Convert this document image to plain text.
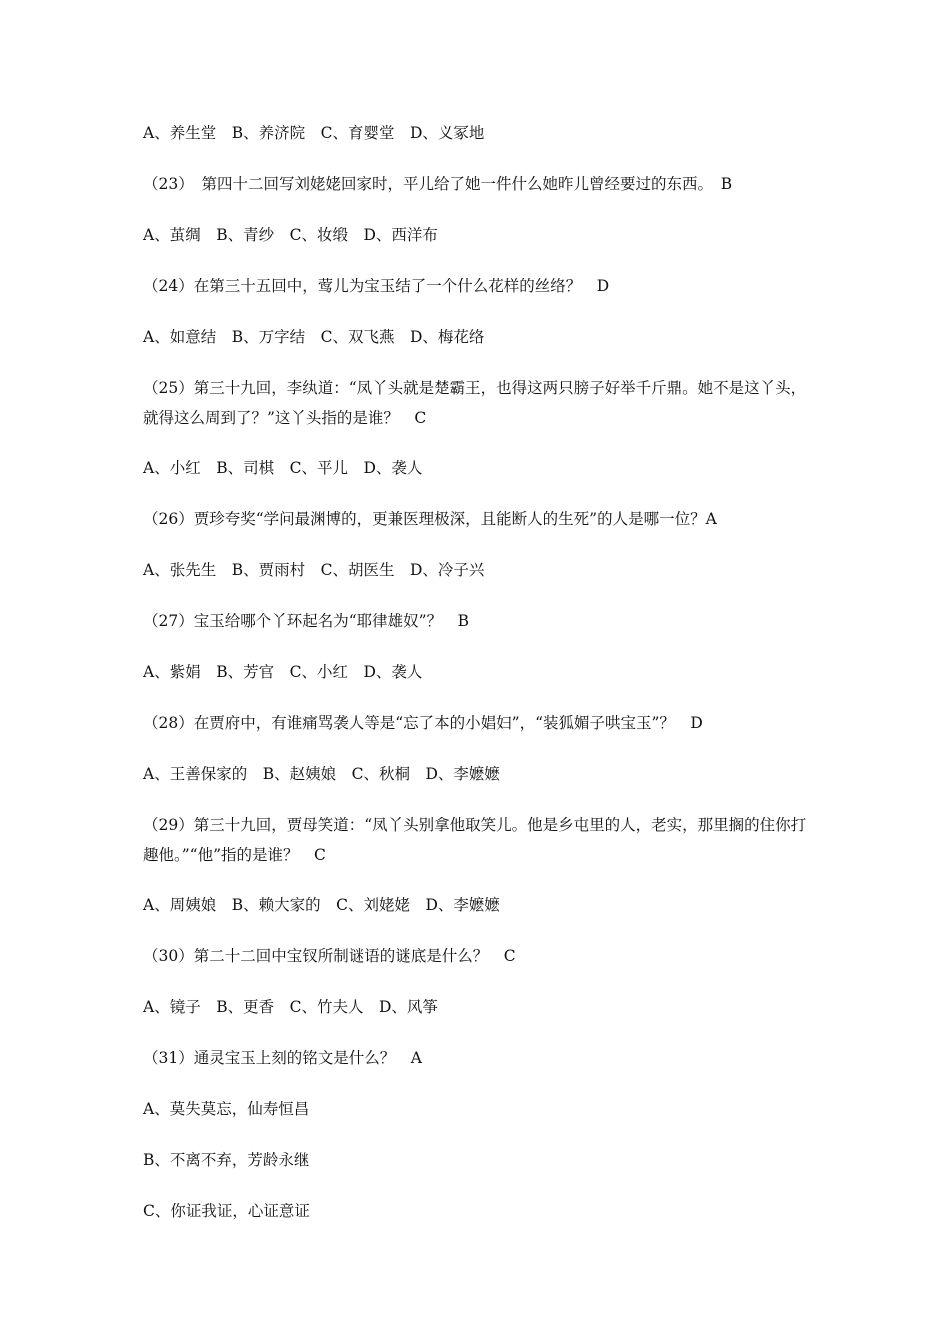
A、养生堂　B、养济院　C、育婴堂　D、义冢地
（23）　第四十二回写刘姥姥回家时，平儿给了她一件什么她昨儿曾经要过的东西。　B
A、茧绸　B、青纱　C、妆缎　D、西洋布
（24）在第三十五回中，莺儿为宝玉结了一个什么花样的丝络？　D
A、如意结　B、万字结　C、双飞燕　D、梅花络
（25）第三十九回，李纨道：“凤丫头就是楚霸王，也得这两只膀子好举千斤鼎。她不是这丫头，就得这么周到了？”这丫头指的是谁？　C
A、小红　B、司棋　C、平儿　D、袭人
（26）贾珍夸奖“学问最渊博的，更兼医理极深，且能断人的生死”的人是哪一位？A
A、张先生　B、贾雨村　C、胡医生　D、冷子兴
（27）宝玉给哪个丫环起名为“耶律雄奴”？　B
A、紫娟　B、芳官　C、小红　D、袭人
（28）在贾府中，有谁痛骂袭人等是“忘了本的小娼妇”，“装狐媚子哄宝玉”？　D
A、王善保家的　B、赵姨娘　C、秋桐　D、李嬷嬷
（29）第三十九回，贾母笑道：“凤丫头别拿他取笑儿。他是乡屯里的人，老实，那里搁的住你打趣他。”“他”指的是谁？　C
A、周姨娘　B、赖大家的　C、刘姥姥　D、李嬷嬷
（30）第二十二回中宝钗所制谜语的谜底是什么？　C
A、镜子　B、更香　C、竹夫人　D、风筝
（31）通灵宝玉上刻的铭文是什么？　A
A、莫失莫忘，仙寿恒昌
B、不离不弃，芳龄永继
C、你证我证，心证意证
